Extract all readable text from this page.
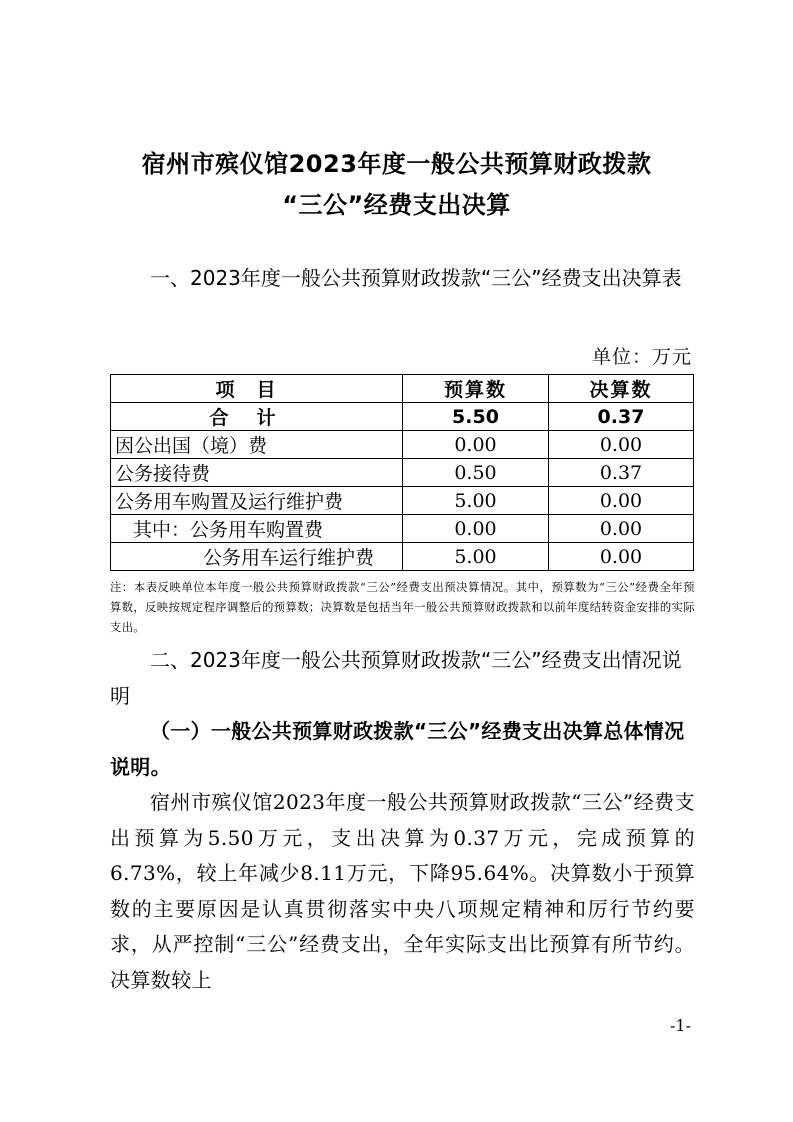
宿州市殡仪馆2023年度一般公共预算财政拨款
“三公”经费支出决算
一、2023年度一般公共预算财政拨款“三公”经费支出决算表
单位：万元
项目	预算数	决算数
合计	5.50	0.37
因公出国（境）费	0.00	0.00
公务接待费	0.50	0.37
公务用车购置及运行维护费	5.00	0.00
其中：公务用车购置费	0.00	0.00
公务用车运行维护费	5.00	0.00
注：本表反映单位本年度一般公共预算财政拨款“三公”经费支出预决算情况。其中，预算数为“三公”经费全年预算数，反映按规定程序调整后的预算数；决算数是包括当年一般公共预算财政拨款和以前年度结转资金安排的实际支出。
二、2023年度一般公共预算财政拨款“三公”经费支出情况说明
（一）一般公共预算财政拨款“三公”经费支出决算总体情况说明。
宿州市殡仪馆2023年度一般公共预算财政拨款“三公”经费支出预算为5.50万元，支出决算为0.37万元，完成预算的6.73%，较上年减少8.11万元，下降95.64%。决算数小于预算数的主要原因是认真贯彻落实中央八项规定精神和厉行节约要求，从严控制“三公”经费支出，全年实际支出比预算有所节约。决算数较上
-1-
